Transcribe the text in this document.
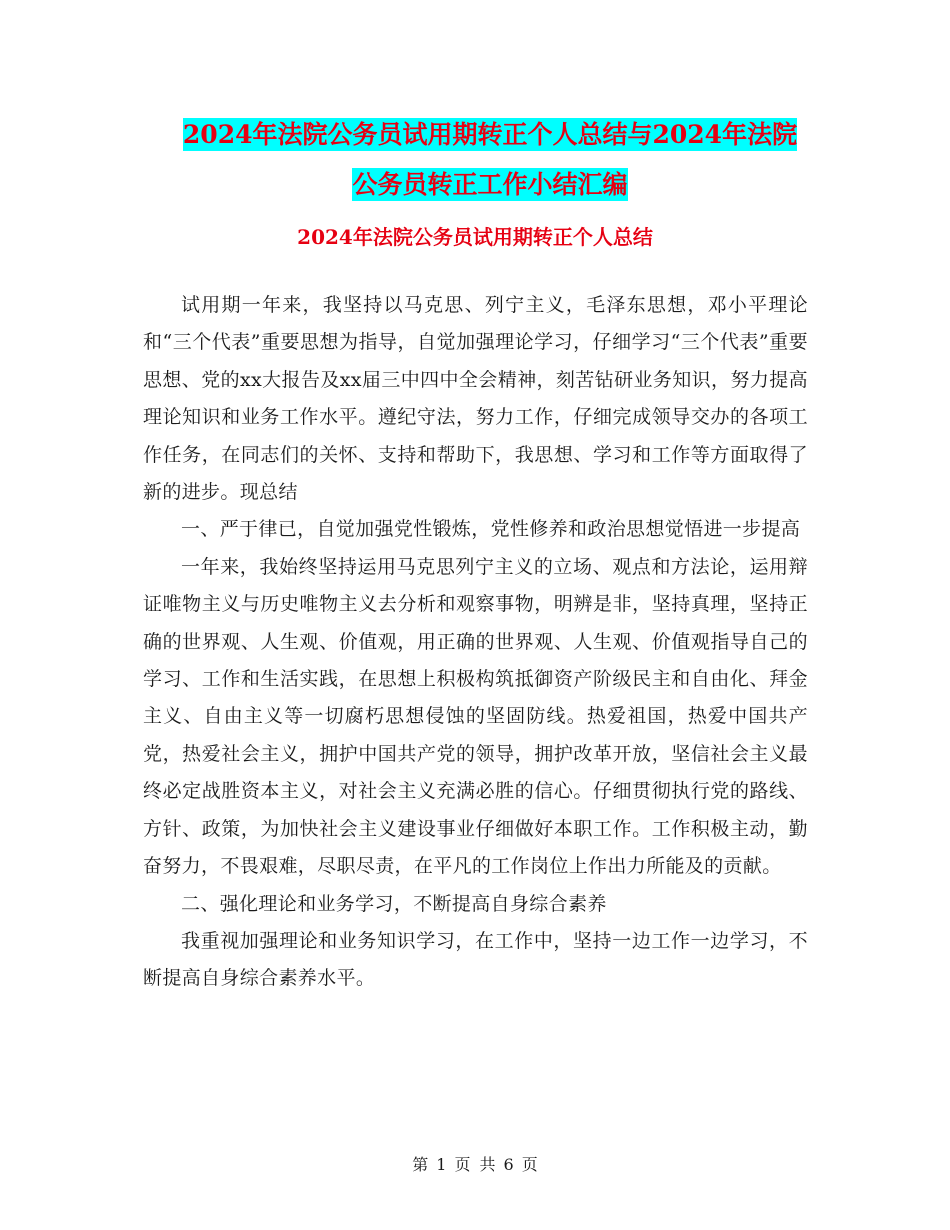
2024年法院公务员试用期转正个人总结与2024年法院
公务员转正工作小结汇编
2024年法院公务员试用期转正个人总结

试用期一年来，我坚持以马克思、列宁主义，毛泽东思想，邓小平理论和“三个代表”重要思想为指导，自觉加强理论学习，仔细学习“三个代表”重要思想、党的xx大报告及xx届三中四中全会精神，刻苦钻研业务知识，努力提高理论知识和业务工作水平。遵纪守法，努力工作，仔细完成领导交办的各项工作任务，在同志们的关怀、支持和帮助下，我思想、学习和工作等方面取得了新的进步。现总结

一、严于律已，自觉加强党性锻炼，党性修养和政治思想觉悟进一步提高

一年来，我始终坚持运用马克思列宁主义的立场、观点和方法论，运用辩证唯物主义与历史唯物主义去分析和观察事物，明辨是非，坚持真理，坚持正确的世界观、人生观、价值观，用正确的世界观、人生观、价值观指导自己的学习、工作和生活实践，在思想上积极构筑抵御资产阶级民主和自由化、拜金主义、自由主义等一切腐朽思想侵蚀的坚固防线。热爱祖国，热爱中国共产党，热爱社会主义，拥护中国共产党的领导，拥护改革开放，坚信社会主义最终必定战胜资本主义，对社会主义充满必胜的信心。仔细贯彻执行党的路线、方针、政策，为加快社会主义建设事业仔细做好本职工作。工作积极主动，勤奋努力，不畏艰难，尽职尽责，在平凡的工作岗位上作出力所能及的贡献。

二、强化理论和业务学习，不断提高自身综合素养

我重视加强理论和业务知识学习，在工作中，坚持一边工作一边学习，不断提高自身综合素养水平。

第 1 页 共 6 页
